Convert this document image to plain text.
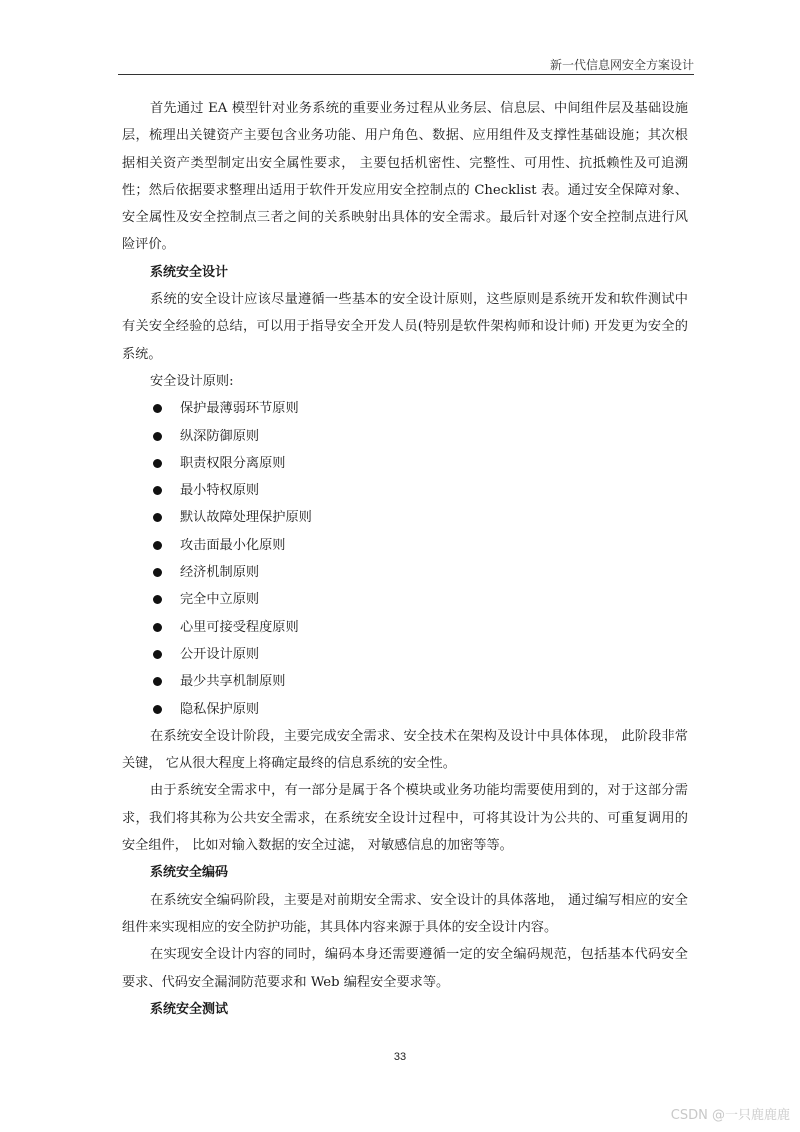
新一代信息网安全方案设计

首先通过 EA 模型针对业务系统的重要业务过程从业务层、信息层、中间组件层及基础设施层，梳理出关键资产主要包含业务功能、用户角色、数据、应用组件及支撑性基础设施；其次根据相关资产类型制定出安全属性要求， 主要包括机密性、完整性、可用性、抗抵赖性及可追溯性；然后依据要求整理出适用于软件开发应用安全控制点的 Checklist 表。通过安全保障对象、安全属性及安全控制点三者之间的关系映射出具体的安全需求。最后针对逐个安全控制点进行风险评价。

系统安全设计

系统的安全设计应该尽量遵循一些基本的安全设计原则，这些原则是系统开发和软件测试中有关安全经验的总结，可以用于指导安全开发人员(特别是软件架构师和设计师) 开发更为安全的系统。

安全设计原则:

保护最薄弱环节原则
纵深防御原则
职责权限分离原则
最小特权原则
默认故障处理保护原则
攻击面最小化原则
经济机制原则
完全中立原则
心里可接受程度原则
公开设计原则
最少共享机制原则
隐私保护原则

在系统安全设计阶段，主要完成安全需求、安全技术在架构及设计中具体体现， 此阶段非常关键， 它从很大程度上将确定最终的信息系统的安全性。

由于系统安全需求中，有一部分是属于各个模块或业务功能均需要使用到的，对于这部分需求，我们将其称为公共安全需求，在系统安全设计过程中，可将其设计为公共的、可重复调用的安全组件， 比如对输入数据的安全过滤， 对敏感信息的加密等等。

系统安全编码

在系统安全编码阶段，主要是对前期安全需求、安全设计的具体落地， 通过编写相应的安全组件来实现相应的安全防护功能，其具体内容来源于具体的安全设计内容。

在实现安全设计内容的同时，编码本身还需要遵循一定的安全编码规范，包括基本代码安全要求、代码安全漏洞防范要求和 Web 编程安全要求等。

系统安全测试

33
CSDN @一只鹿鹿鹿
